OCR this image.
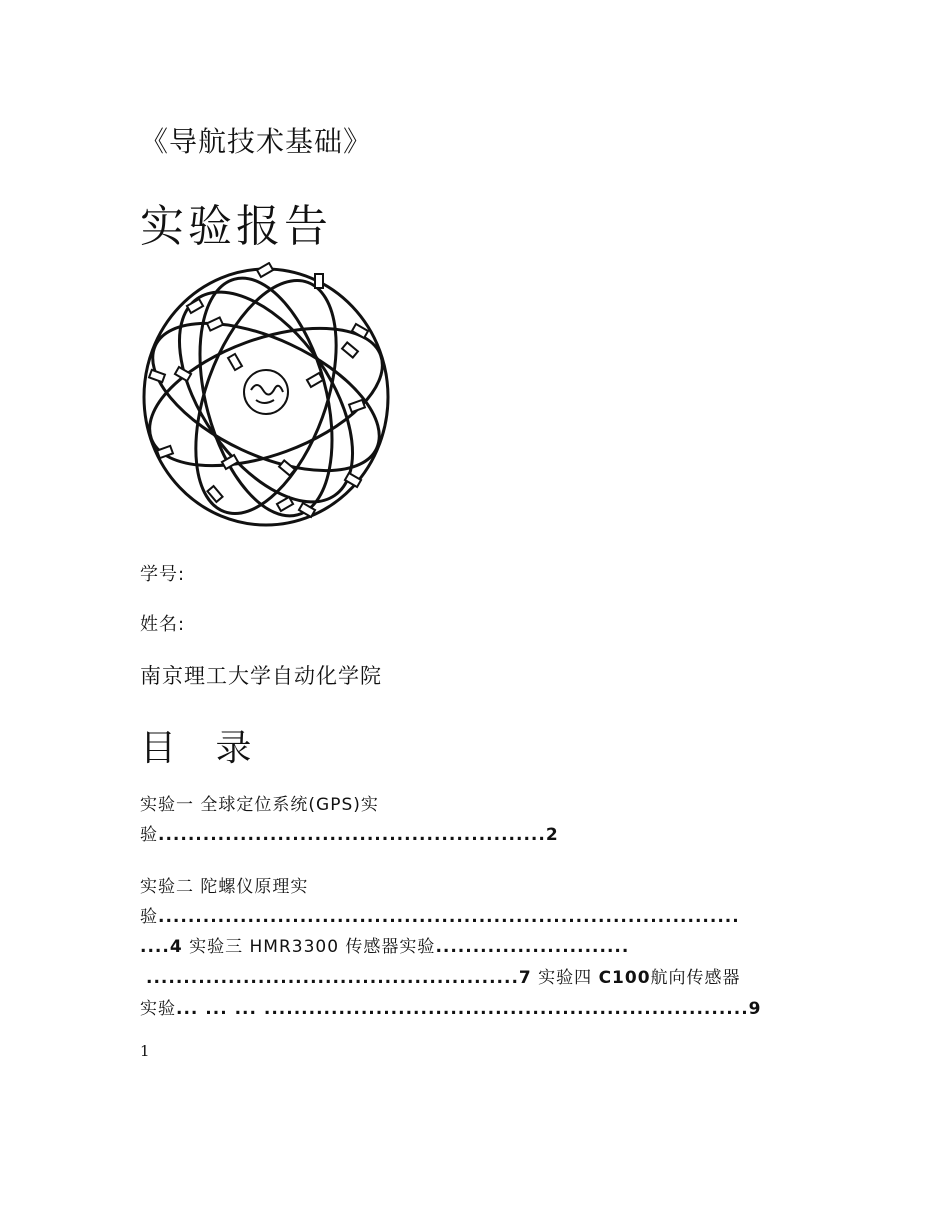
《导航技术基础》
实验报告
学号:
姓名:
南京理工大学自动化学院
目 录
实验一 全球定位系统(GPS)实
验....................................................2
实验二 陀螺仪原理实
验..............................................................................
....4 实验三 HMR3300 传感器实验..........................
..................................................7 实验四 C100航向传感器
实验... ... ... .................................................................9
1
